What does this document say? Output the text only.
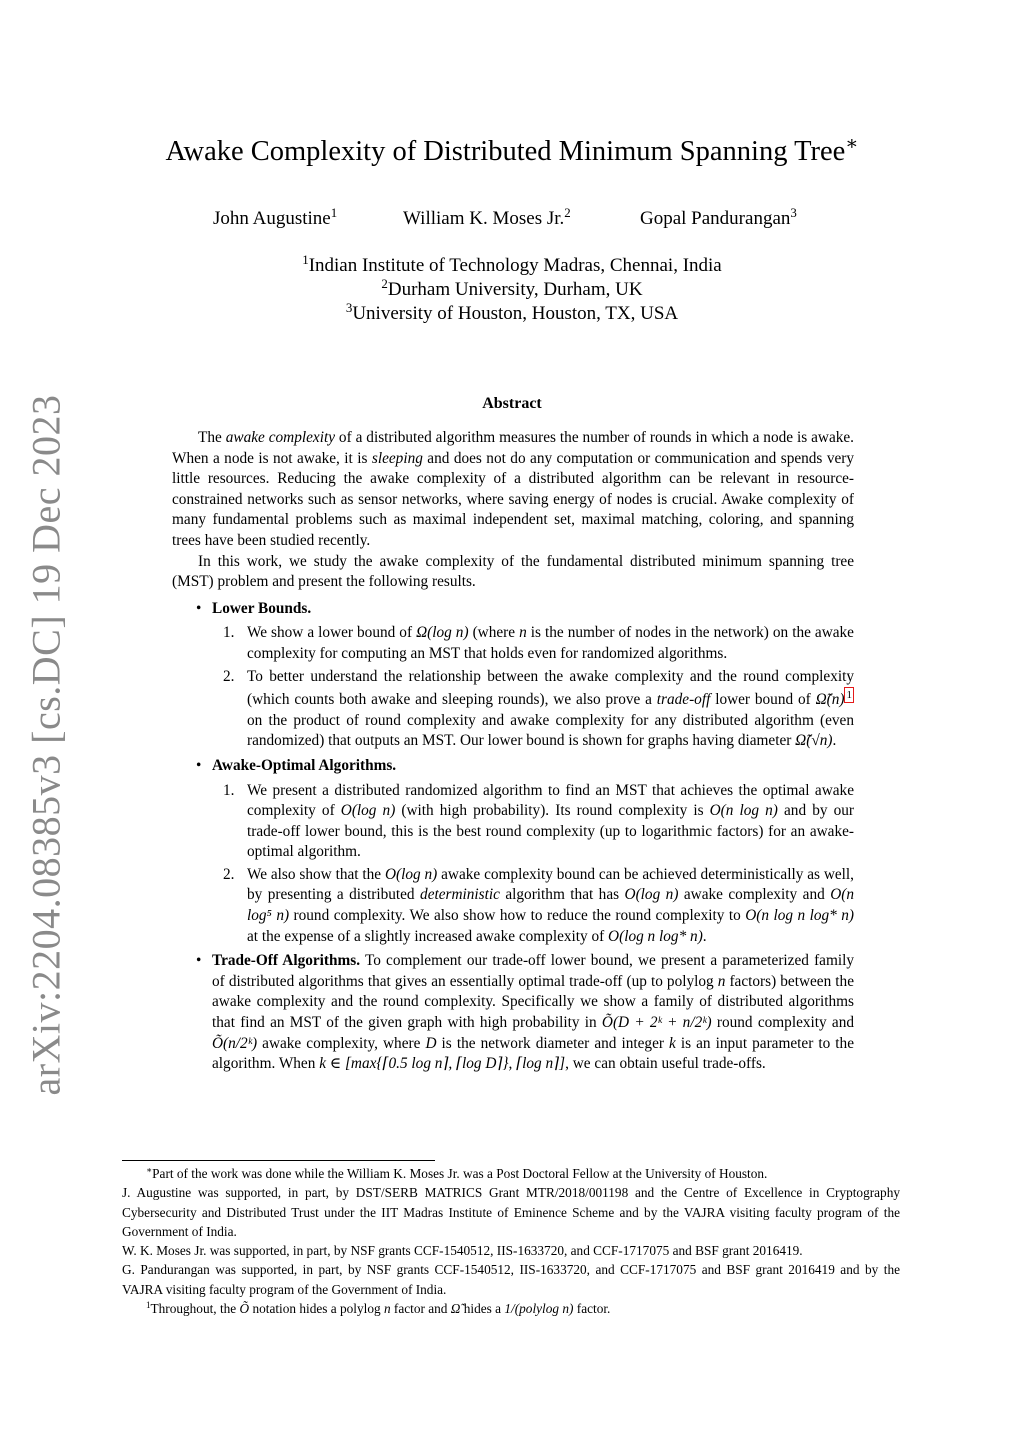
arXiv:2204.08385v3 [cs.DC] 19 Dec 2023
Awake Complexity of Distributed Minimum Spanning Tree∗
John Augustine$^1$	William K. Moses Jr.$^2$	Gopal Pandurangan$^3$
$^1$Indian Institute of Technology Madras, Chennai, India
$^2$Durham University, Durham, UK
$^3$University of Houston, Houston, TX, USA
Abstract

The awake complexity of a distributed algorithm measures the number of rounds in which a node is awake. When a node is not awake, it is sleeping and does not do any computation or communication and spends very little resources. Reducing the awake complexity of a distributed algorithm can be relevant in resource-constrained networks such as sensor networks, where saving energy of nodes is crucial. Awake complexity of many fundamental problems such as maximal independent set, maximal matching, coloring, and spanning trees have been studied recently.

In this work, we study the awake complexity of the fundamental distributed minimum spanning tree (MST) problem and present the following results.

• Lower Bounds.
1. We show a lower bound of Ω(log n) (where n is the number of nodes in the network) on the awake complexity for computing an MST that holds even for randomized algorithms.
2. To better understand the relationship between the awake complexity and the round complexity (which counts both awake and sleeping rounds), we also prove a trade-off lower bound of Ω̃(n) 1 on the product of round complexity and awake complexity for any distributed algorithm (even randomized) that outputs an MST. Our lower bound is shown for graphs having diameter Ω̃(√n).
• Awake-Optimal Algorithms.
1. We present a distributed randomized algorithm to find an MST that achieves the optimal awake complexity of O(log n) (with high probability). Its round complexity is O(n log n) and by our trade-off lower bound, this is the best round complexity (up to logarithmic factors) for an awake-optimal algorithm.
2. We also show that the O(log n) awake complexity bound can be achieved deterministically as well, by presenting a distributed deterministic algorithm that has O(log n) awake complexity and O(n log⁵ n) round complexity. We also show how to reduce the round complexity to O(n log n log* n) at the expense of a slightly increased awake complexity of O(log n log* n).
• Trade-Off Algorithms. To complement our trade-off lower bound, we present a parameterized family of distributed algorithms that gives an essentially optimal trade-off (up to polylog n factors) between the awake complexity and the round complexity. Specifically we show a family of distributed algorithms that find an MST of the given graph with high probability in Õ(D + 2ᵏ + n/2ᵏ) round complexity and Õ(n/2ᵏ) awake complexity, where D is the network diameter and integer k is an input parameter to the algorithm. When k ∈ [max{⌈0.5 log n⌉, ⌈log D⌉}, ⌈log n⌉], we can obtain useful trade-offs.

∗Part of the work was done while the William K. Moses Jr. was a Post Doctoral Fellow at the University of Houston.

J. Augustine was supported, in part, by DST/SERB MATRICS Grant MTR/2018/001198 and the Centre of Excellence in Cryptography Cybersecurity and Distributed Trust under the IIT Madras Institute of Eminence Scheme and by the VAJRA visiting faculty program of the Government of India.

W. K. Moses Jr. was supported, in part, by NSF grants CCF-1540512, IIS-1633720, and CCF-1717075 and BSF grant 2016419.

G. Pandurangan was supported, in part, by NSF grants CCF-1540512, IIS-1633720, and CCF-1717075 and BSF grant 2016419 and by the VAJRA visiting faculty program of the Government of India.

$^1$Throughout, the Õ notation hides a polylog n factor and Ω̃ hides a 1/(polylog n) factor.
